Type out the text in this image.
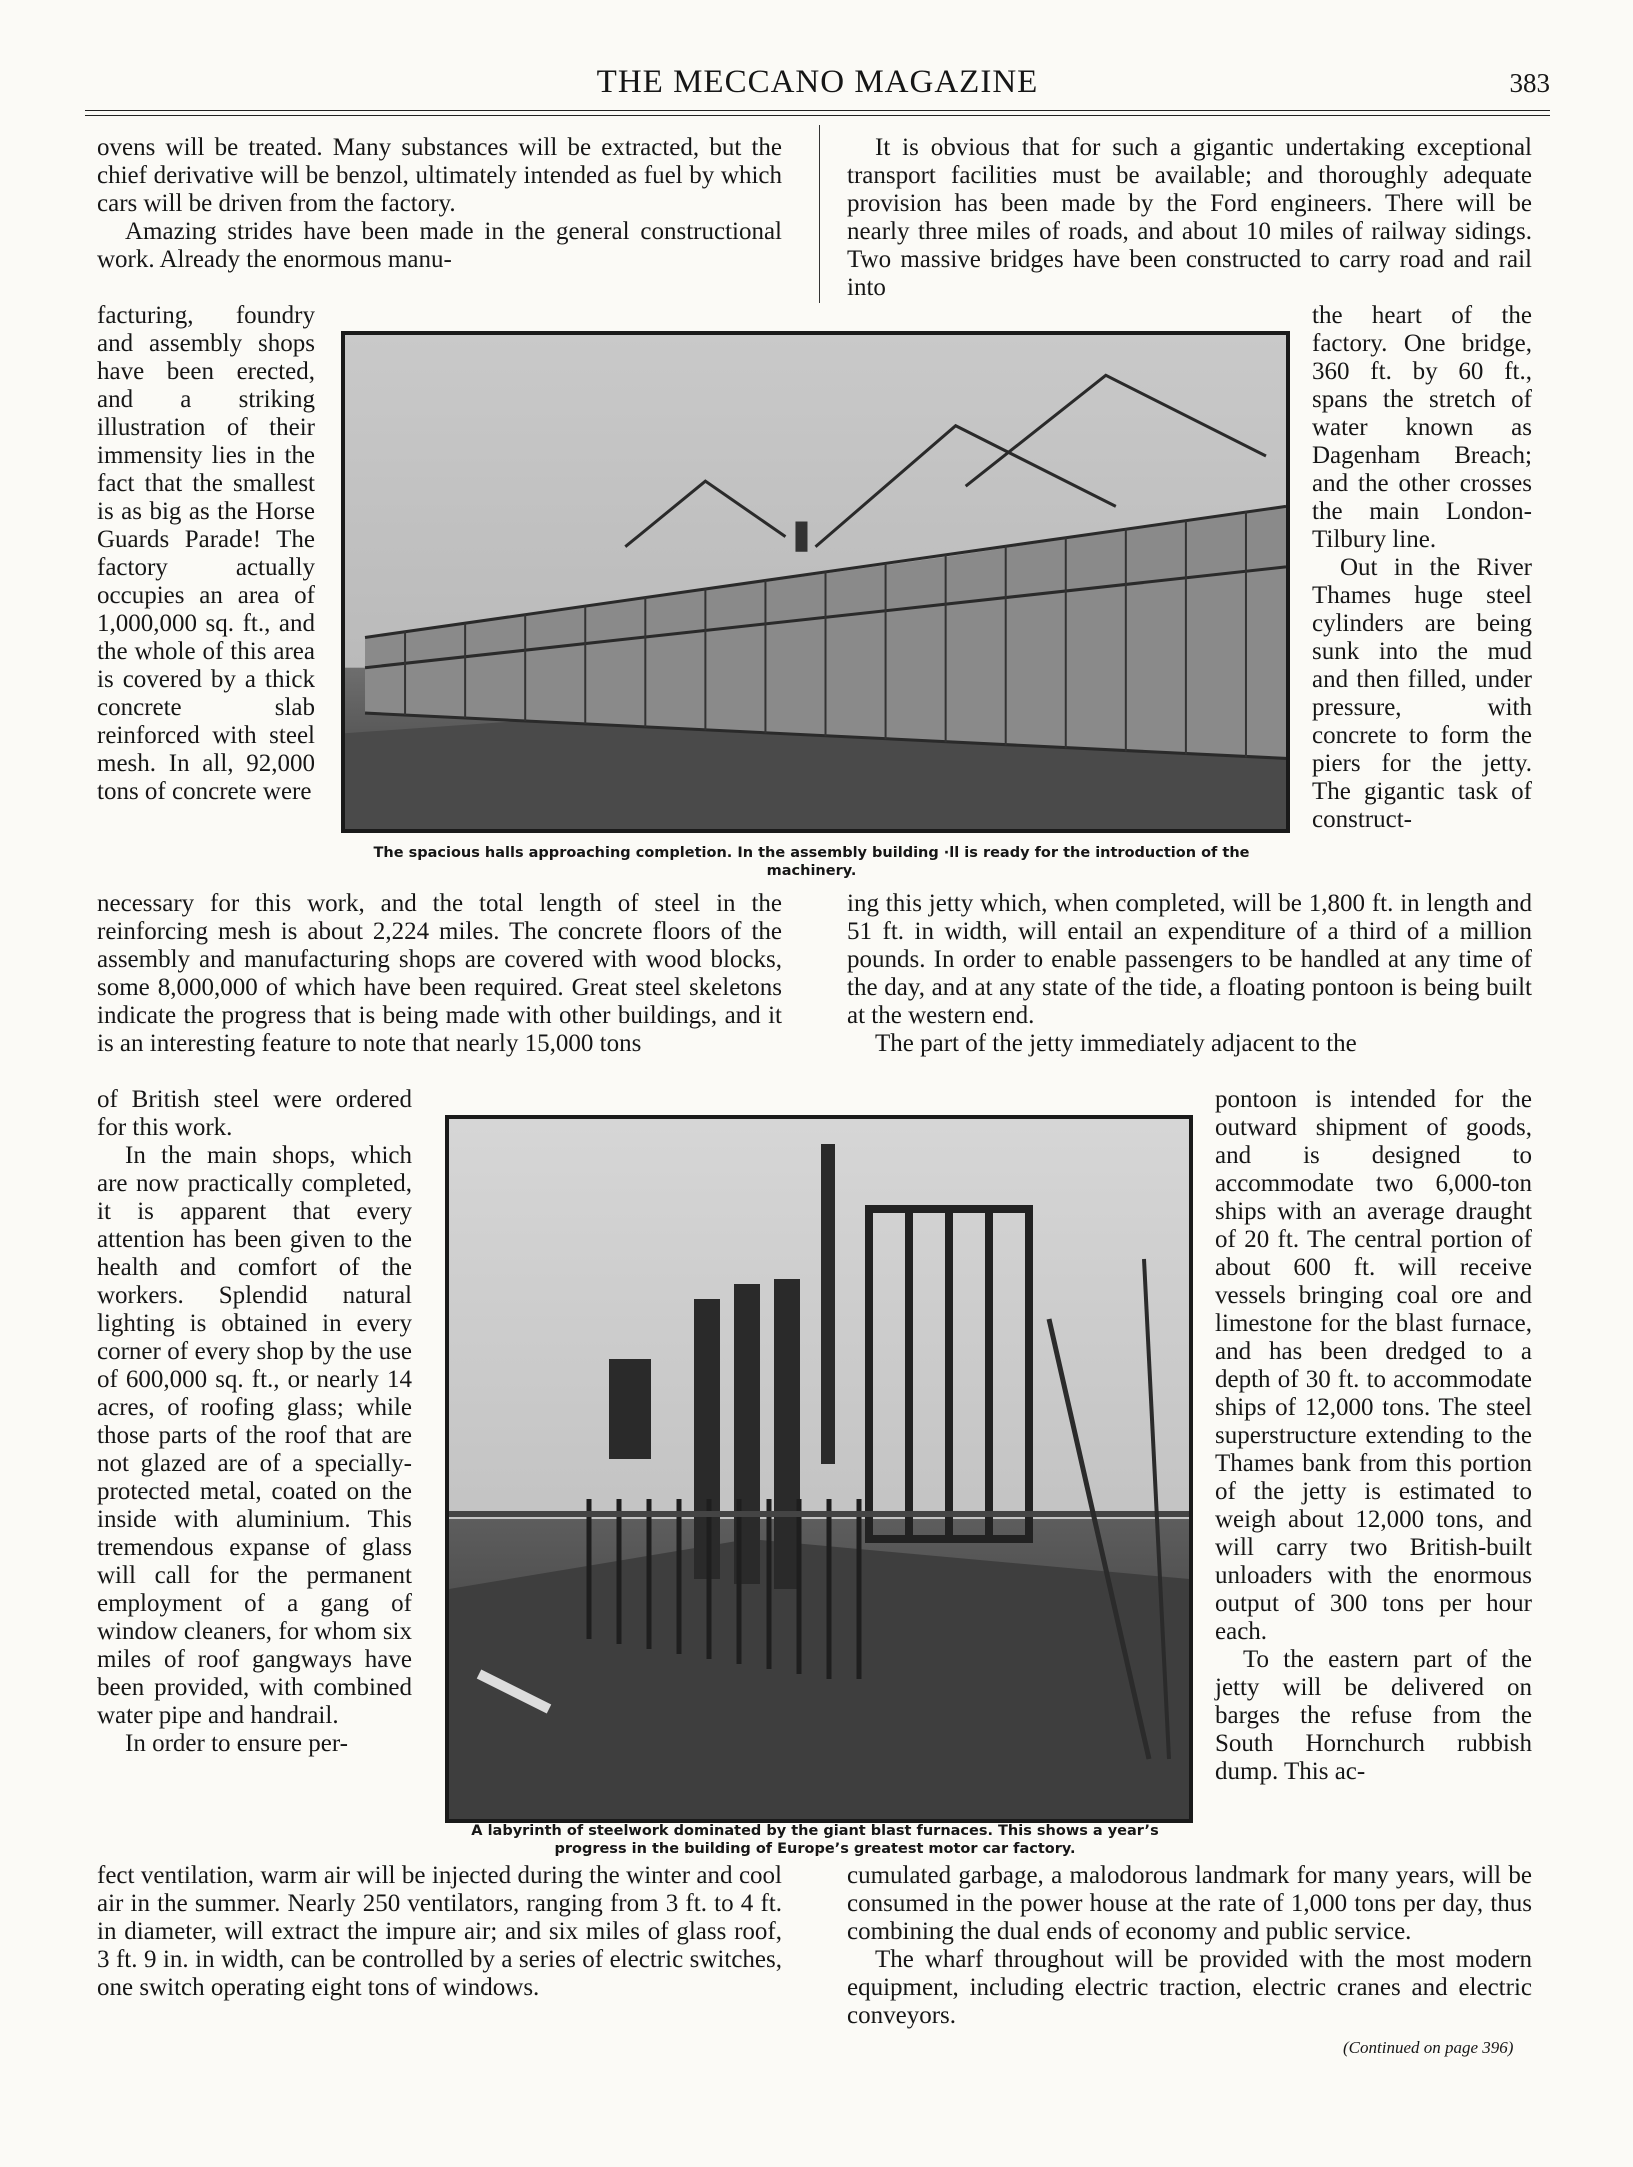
THE MECCANO MAGAZINE	383

ovens will be treated. Many substances will be extracted, but the chief derivative will be benzol, ultimately intended as fuel by which cars will be driven from the factory.

Amazing strides have been made in the general constructional work. Already the enormous manu-

facturing, foundry and assembly shops have been erected, and a striking illustration of their immensity lies in the fact that the smallest is as big as the Horse Guards Parade! The factory actually occupies an area of 1,000,000 sq. ft., and the whole of this area is covered by a thick concrete slab reinforced with steel mesh. In all, 92,000 tons of concrete were

The spacious halls approaching completion. In the assembly building ·ll is ready for the introduction of the machinery.

necessary for this work, and the total length of steel in the reinforcing mesh is about 2,224 miles. The concrete floors of the assembly and manufacturing shops are covered with wood blocks, some 8,000,000 of which have been required. Great steel skeletons indicate the progress that is being made with other buildings, and it is an interesting feature to note that nearly 15,000 tons

of British steel were ordered for this work.

In the main shops, which are now practically completed, it is apparent that every attention has been given to the health and comfort of the workers. Splendid natural lighting is obtained in every corner of every shop by the use of 600,000 sq. ft., or nearly 14 acres, of roofing glass; while those parts of the roof that are not glazed are of a specially-protected metal, coated on the inside with aluminium. This tremendous expanse of glass will call for the permanent employment of a gang of window cleaners, for whom six miles of roof gangways have been provided, with combined water pipe and handrail.

In order to ensure per-

A labyrinth of steelwork dominated by the giant blast furnaces. This shows a year’s progress in the building of Europe’s greatest motor car factory.

fect ventilation, warm air will be injected during the winter and cool air in the summer. Nearly 250 ventilators, ranging from 3 ft. to 4 ft. in diameter, will extract the impure air; and six miles of glass roof, 3 ft. 9 in. in width, can be controlled by a series of electric switches, one switch operating eight tons of windows.

It is obvious that for such a gigantic undertaking exceptional transport facilities must be available; and thoroughly adequate provision has been made by the Ford engineers. There will be nearly three miles of roads, and about 10 miles of railway sidings. Two massive bridges have been constructed to carry road and rail into

the heart of the factory. One bridge, 360 ft. by 60 ft., spans the stretch of water known as Dagenham Breach; and the other crosses the main London-Tilbury line.

Out in the River Thames huge steel cylinders are being sunk into the mud and then filled, under pressure, with concrete to form the piers for the jetty. The gigantic task of construct-

ing this jetty which, when completed, will be 1,800 ft. in length and 51 ft. in width, will entail an expenditure of a third of a million pounds. In order to enable passengers to be handled at any time of the day, and at any state of the tide, a floating pontoon is being built at the western end.

The part of the jetty immediately adjacent to the

pontoon is intended for the outward shipment of goods, and is designed to accommodate two 6,000-ton ships with an average draught of 20 ft. The central portion of about 600 ft. will receive vessels bringing coal ore and limestone for the blast furnace, and has been dredged to a depth of 30 ft. to accommodate ships of 12,000 tons. The steel superstructure extending to the Thames bank from this portion of the jetty is estimated to weigh about 12,000 tons, and will carry two British-built unloaders with the enormous output of 300 tons per hour each.

To the eastern part of the jetty will be delivered on barges the refuse from the South Hornchurch rubbish dump. This ac-

cumulated garbage, a malodorous landmark for many years, will be consumed in the power house at the rate of 1,000 tons per day, thus combining the dual ends of economy and public service.

The wharf throughout will be provided with the most modern equipment, including electric traction, electric cranes and electric conveyors.

(Continued on page 396)
